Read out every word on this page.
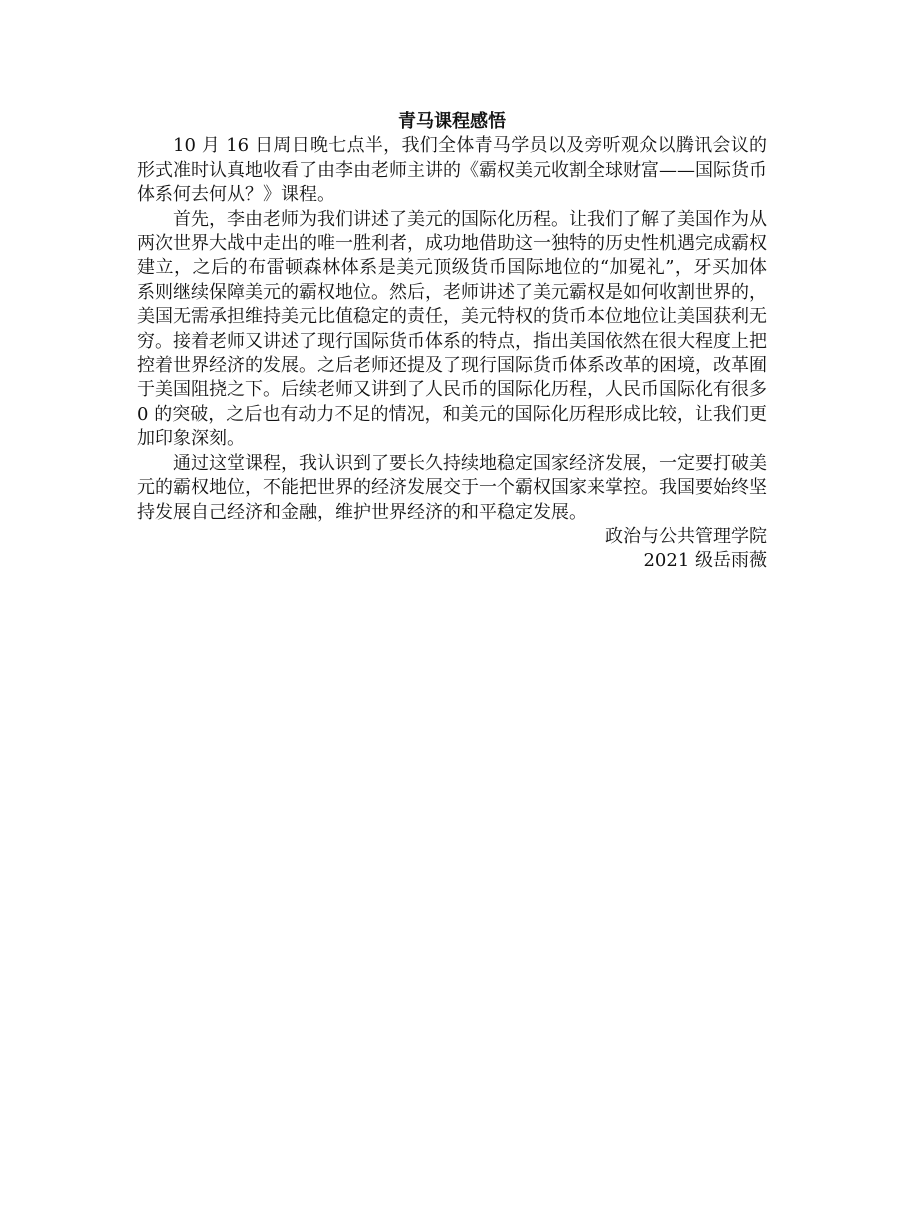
青马课程感悟

10 月 16 日周日晚七点半，我们全体青马学员以及旁听观众以腾讯会议的形式准时认真地收看了由李由老师主讲的《霸权美元收割全球财富——国际货币体系何去何从？》课程。

首先，李由老师为我们讲述了美元的国际化历程。让我们了解了美国作为从两次世界大战中走出的唯一胜利者，成功地借助这一独特的历史性机遇完成霸权建立，之后的布雷顿森林体系是美元顶级货币国际地位的“加冕礼”，牙买加体系则继续保障美元的霸权地位。然后，老师讲述了美元霸权是如何收割世界的，美国无需承担维持美元比值稳定的责任，美元特权的货币本位地位让美国获利无穷。接着老师又讲述了现行国际货币体系的特点，指出美国依然在很大程度上把控着世界经济的发展。之后老师还提及了现行国际货币体系改革的困境，改革囿于美国阻挠之下。后续老师又讲到了人民币的国际化历程，人民币国际化有很多 0 的突破，之后也有动力不足的情况，和美元的国际化历程形成比较，让我们更加印象深刻。

通过这堂课程，我认识到了要长久持续地稳定国家经济发展，一定要打破美元的霸权地位，不能把世界的经济发展交于一个霸权国家来掌控。我国要始终坚持发展自己经济和金融，维护世界经济的和平稳定发展。

政治与公共管理学院

2021 级岳雨薇
